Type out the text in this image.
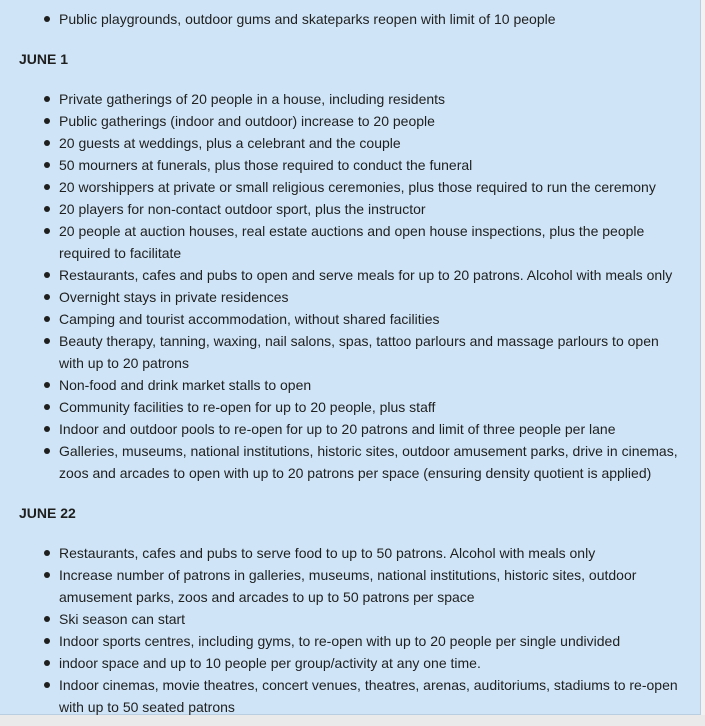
Public playgrounds, outdoor gums and skateparks reopen with limit of 10 people
JUNE 1
Private gatherings of 20 people in a house, including residents
Public gatherings (indoor and outdoor) increase to 20 people
20 guests at weddings, plus a celebrant and the couple
50 mourners at funerals, plus those required to conduct the funeral
20 worshippers at private or small religious ceremonies, plus those required to run the ceremony
20 players for non-contact outdoor sport, plus the instructor
20 people at auction houses, real estate auctions and open house inspections, plus the people required to facilitate
Restaurants, cafes and pubs to open and serve meals for up to 20 patrons. Alcohol with meals only
Overnight stays in private residences
Camping and tourist accommodation, without shared facilities
Beauty therapy, tanning, waxing, nail salons, spas, tattoo parlours and massage parlours to open with up to 20 patrons
Non-food and drink market stalls to open
Community facilities to re-open for up to 20 people, plus staff
Indoor and outdoor pools to re-open for up to 20 patrons and limit of three people per lane
Galleries, museums, national institutions, historic sites, outdoor amusement parks, drive in cinemas, zoos and arcades to open with up to 20 patrons per space (ensuring density quotient is applied)
JUNE 22
Restaurants, cafes and pubs to serve food to up to 50 patrons. Alcohol with meals only
Increase number of patrons in galleries, museums, national institutions, historic sites, outdoor amusement parks, zoos and arcades to up to 50 patrons per space
Ski season can start
Indoor sports centres, including gyms, to re-open with up to 20 people per single undivided
indoor space and up to 10 people per group/activity at any one time.
Indoor cinemas, movie theatres, concert venues, theatres, arenas, auditoriums, stadiums to re-open with up to 50 seated patrons
